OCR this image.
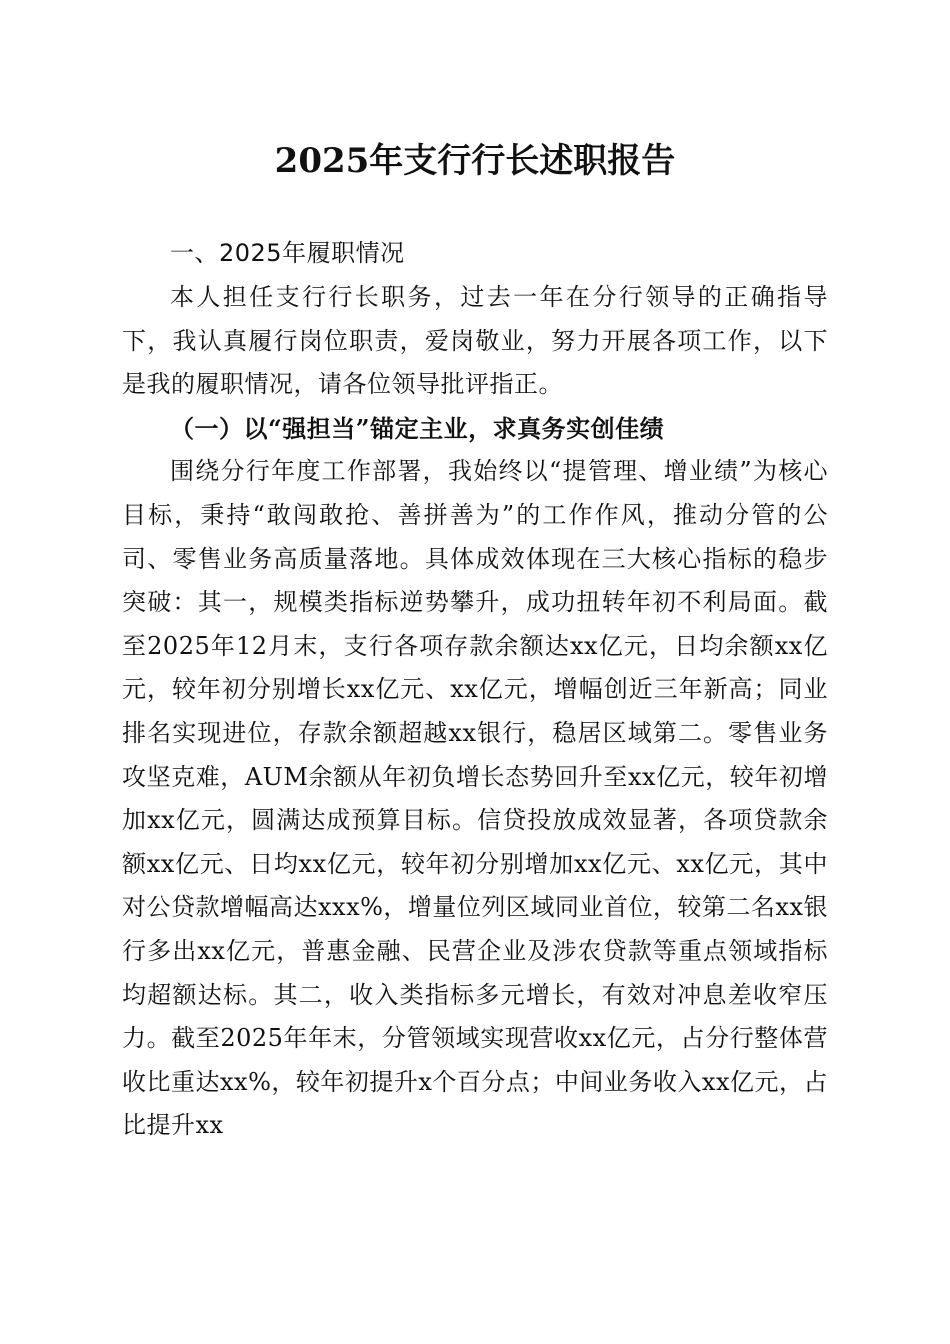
2025年支行行长述职报告

一、2025年履职情况

本人担任支行行长职务，过去一年在分行领导的正确指导下，我认真履行岗位职责，爱岗敬业，努力开展各项工作，以下是我的履职情况，请各位领导批评指正。

（一）以“强担当”锚定主业，求真务实创佳绩

围绕分行年度工作部署，我始终以“提管理、增业绩”为核心目标，秉持“敢闯敢抢、善拼善为”的工作作风，推动分管的公司、零售业务高质量落地。具体成效体现在三大核心指标的稳步突破：其一，规模类指标逆势攀升，成功扭转年初不利局面。截至2025年12月末，支行各项存款余额达xx亿元，日均余额xx亿元，较年初分别增长xx亿元、xx亿元，增幅创近三年新高；同业排名实现进位，存款余额超越xx银行，稳居区域第二。零售业务攻坚克难，AUM余额从年初负增长态势回升至xx亿元，较年初增加xx亿元，圆满达成预算目标。信贷投放成效显著，各项贷款余额xx亿元、日均xx亿元，较年初分别增加xx亿元、xx亿元，其中对公贷款增幅高达xxx%，增量位列区域同业首位，较第二名xx银行多出xx亿元，普惠金融、民营企业及涉农贷款等重点领域指标均超额达标。其二，收入类指标多元增长，有效对冲息差收窄压力。截至2025年年末，分管领域实现营收xx亿元，占分行整体营收比重达xx%，较年初提升x个百分点；中间业务收入xx亿元，占比提升xx
